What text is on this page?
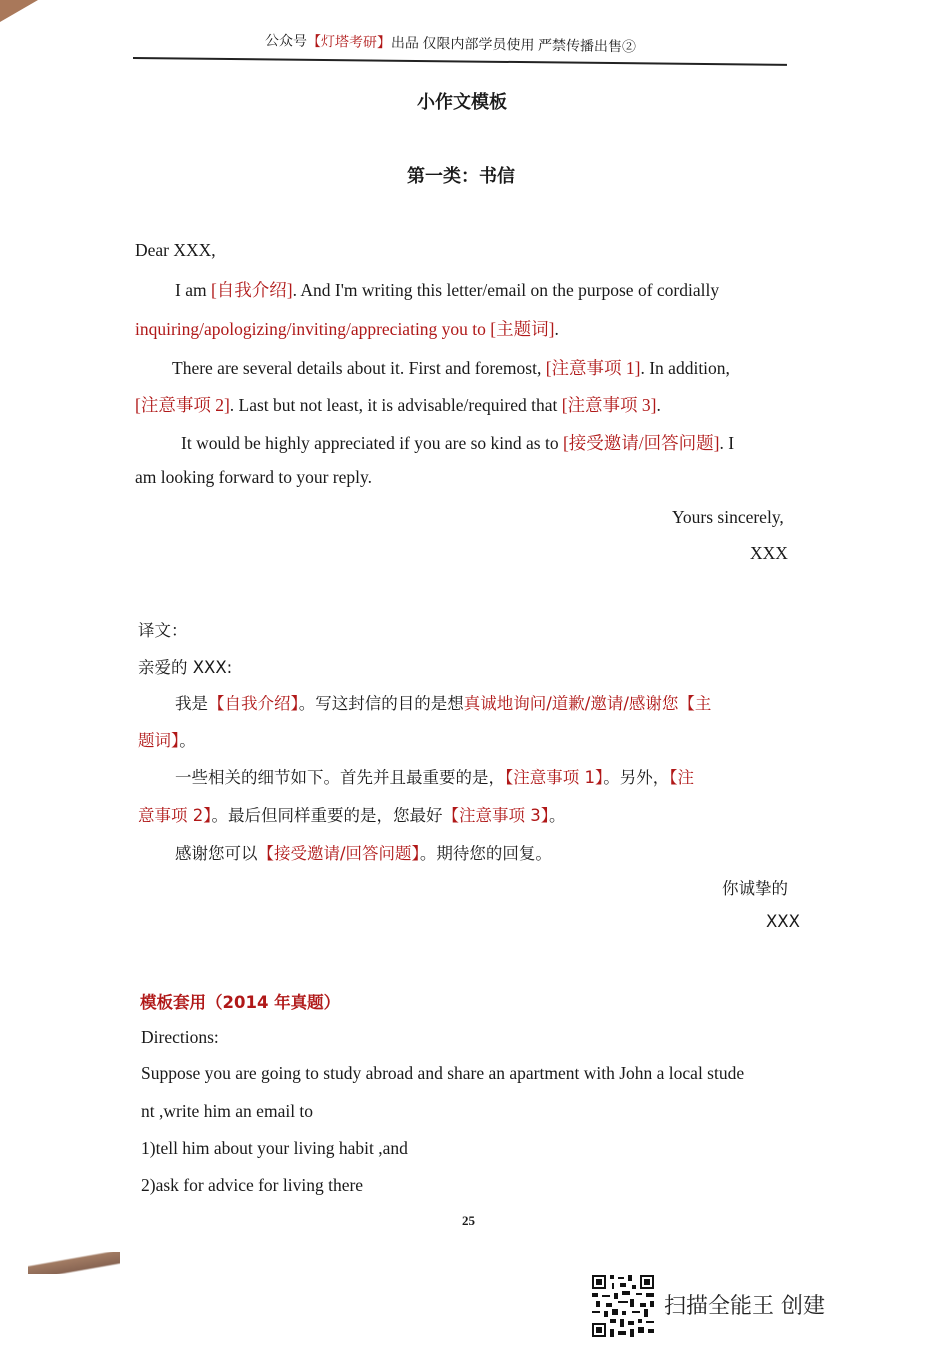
公众号【灯塔考研】出品 仅限内部学员使用 严禁传播出售②
小作文模板
第一类：书信
Dear XXX,
I am [自我介绍]. And I'm writing this letter/email on the purpose of cordially
inquiring/apologizing/inviting/appreciating you to [主题词].
There are several details about it. First and foremost, [注意事项 1]. In addition,
[注意事项 2]. Last but not least, it is advisable/required that [注意事项 3].
It would be highly appreciated if you are so kind as to [接受邀请/回答问题]. I
am looking forward to your reply.
Yours sincerely,
XXX
译文：
亲爱的 XXX:
我是【自我介绍】。写这封信的目的是想真诚地询问/道歉/邀请/感谢您【主
题词】。
一些相关的细节如下。首先并且最重要的是，【注意事项 1】。另外，【注
意事项 2】。最后但同样重要的是，您最好【注意事项 3】。
感谢您可以【接受邀请/回答问题】。期待您的回复。
你诚挚的
XXX
模板套用（2014 年真题）
Directions:
Suppose you are going to study abroad and share an apartment with John a local stude
nt ,write him an email to
1)tell him about your living habit ,and
2)ask for advice for living there
25
扫描全能王 创建
